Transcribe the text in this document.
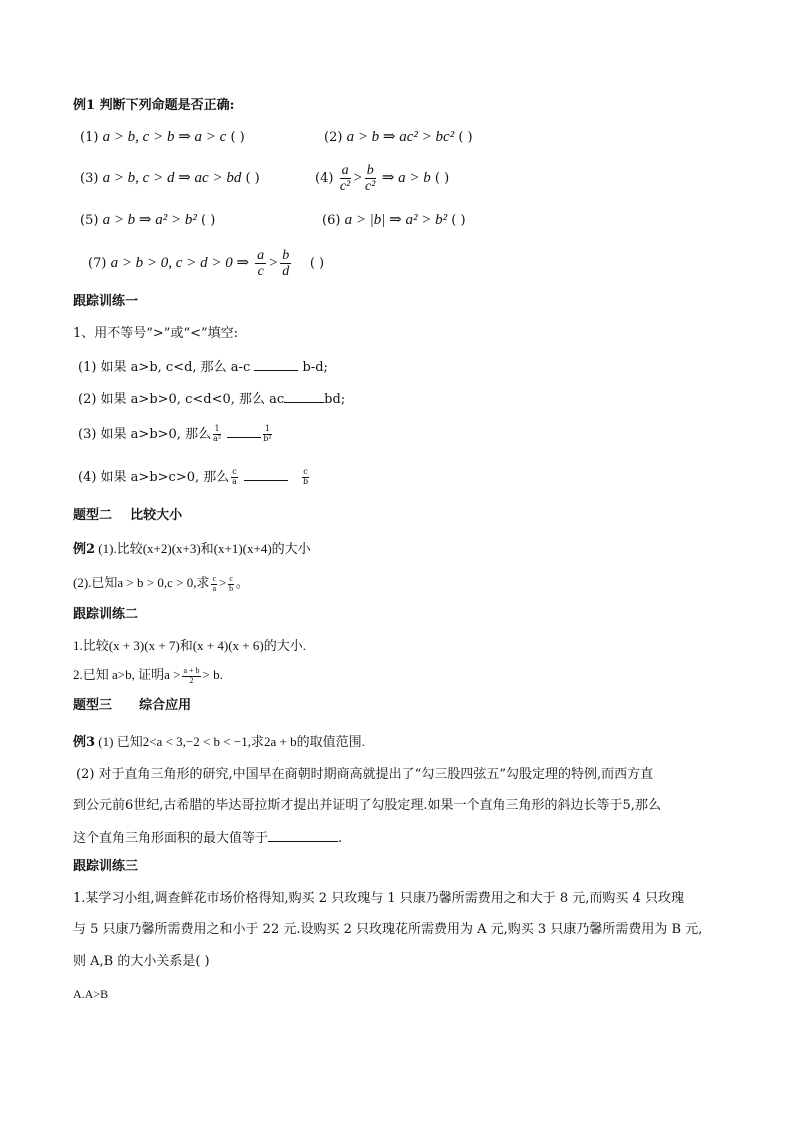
例1 判断下列命题是否正确:
(1) a > b, c > b ⇒ a > c ( )	(2) a > b ⇒ ac² > bc² ( )
(3) a > b, c > d ⇒ ac > bd ( )	$(4) \frac{a}{\text{c²}} > \frac{b}{\text{c²}}$ ⇒ a > b ( )
(5) a > b ⇒ a² > b² ( )	(6) a > |b| ⇒ a² > b² ( )
(7) a > b > 0, c > d > 0 ⇒ $\frac{a}{c} > \frac{b}{d}$ ( )
跟踪训练一
1、用不等号“>”或“<”填空:
(1) 如果 a>b, c<d, 那么 a-c	b-d;
(2) 如果 a>b>0, c<d<0, 那么 ac	bd;
(3) 如果 a>b>0, 那么 $\frac{1}{\text{a²}}$
	$\frac{1}{\text{b²}}$
(4) 如果 a>b>c>0, 那么 $\frac{c}{a}$
	$\frac{c}{b}$
题型二    比较大小
例2 (1).比较(x+2)(x+3)和(x+1)(x+4)的大小
(2).已知a > b > 0,c > 0,求 $\frac{c}{a} > \frac{c}{b}$ 。
跟踪训练二
1.比较(x + 3)(x + 7)和(x + 4)(x + 6)的大小.
2.已知 a>b, 证明$a > \frac{a + b}{2} > b$.
题型三      综合应用
例3 (1) 已知2<a < 3,−2 < b < −1,求2a + b的取值范围.
(2) 对于直角三角形的研究,中国早在商朝时期商高就提出了“勾三股四弦五”勾股定理的特例,而西方直
到公元前6世纪,古希腊的毕达哥拉斯才提出并证明了勾股定理.如果一个直角三角形的斜边长等于5,那么
这个直角三角形面积的最大值等于	.
跟踪训练三
1.某学习小组,调查鲜花市场价格得知,购买 2 只玫瑰与 1 只康乃馨所需费用之和大于 8 元,而购买 4 只玫瑰
与 5 只康乃馨所需费用之和小于 22 元.设购买 2 只玫瑰花所需费用为 A 元,购买 3 只康乃馨所需费用为 B 元,
则 A,B 的大小关系是( )
A.A>B
